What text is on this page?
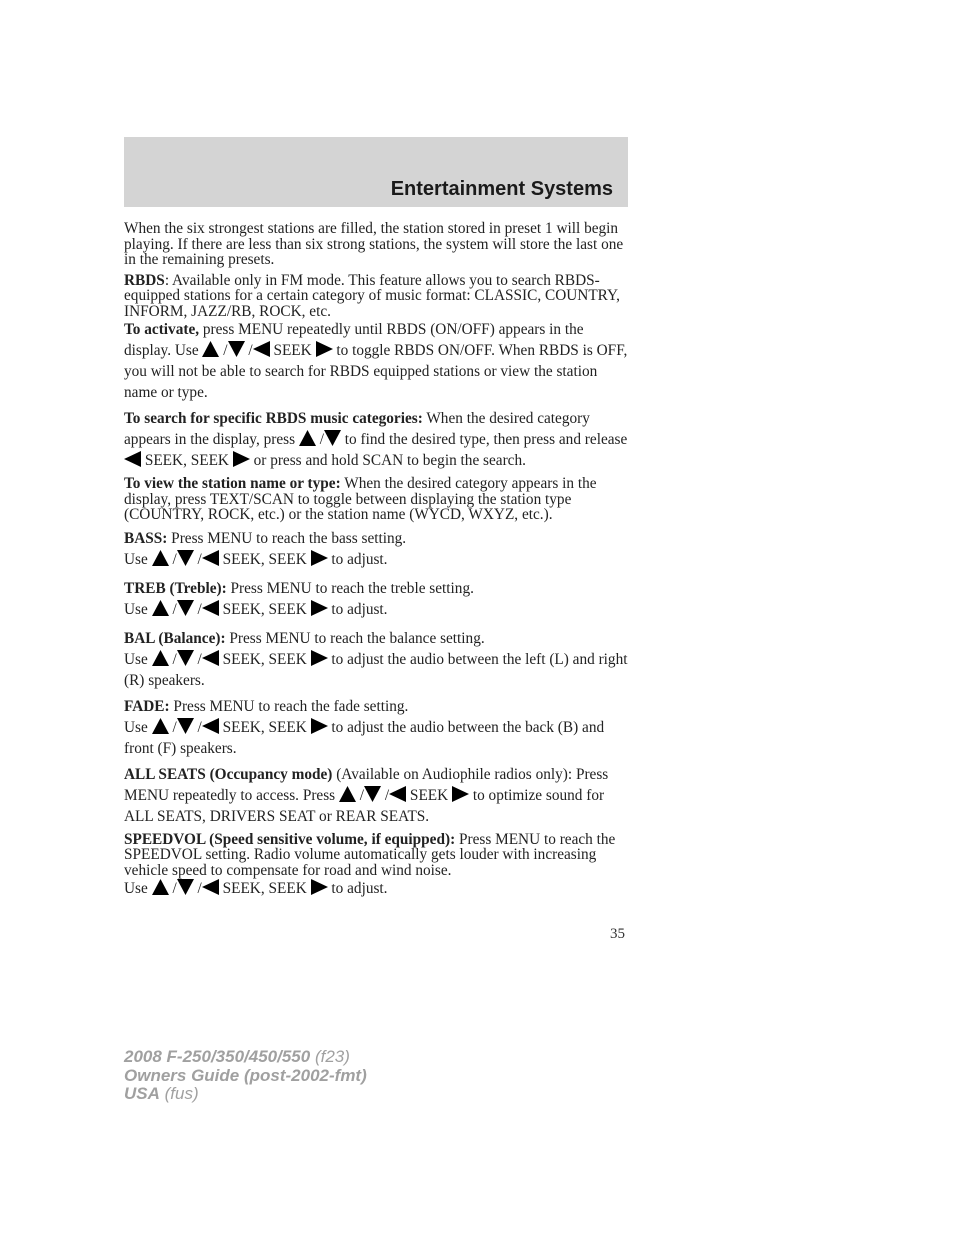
Entertainment Systems

When the six strongest stations are filled, the station stored in preset 1 will begin playing. If there are less than six strong stations, the system will store the last one in the remaining presets.

RBDS: Available only in FM mode. This feature allows you to search RBDS-equipped stations for a certain category of music format: CLASSIC, COUNTRY, INFORM, JAZZ/RB, ROCK, etc.

To activate, press MENU repeatedly until RBDS (ON/OFF) appears in the display. Use
/
/
SEEK
to toggle RBDS ON/OFF. When RBDS is OFF, you will not be able to search for RBDS equipped stations or view the station name or type.

To search for specific RBDS music categories: When the desired category appears in the display, press
/
to find the desired type, then press and release
SEEK, SEEK
or press and hold SCAN to begin the search.

To view the station name or type: When the desired category appears in the display, press TEXT/SCAN to toggle between displaying the station type (COUNTRY, ROCK, etc.) or the station name (WYCD, WXYZ, etc.).

BASS: Press MENU to reach the bass setting.
Use
/
/
SEEK, SEEK
to adjust.

TREB (Treble): Press MENU to reach the treble setting.
Use
/
/
SEEK, SEEK
to adjust.

BAL (Balance): Press MENU to reach the balance setting.
Use
/
/
SEEK, SEEK
to adjust the audio between the left (L) and right (R) speakers.

FADE: Press MENU to reach the fade setting.
Use
/
/
SEEK, SEEK
to adjust the audio between the back (B) and front (F) speakers.

ALL SEATS (Occupancy mode) (Available on Audiophile radios only): Press MENU repeatedly to access. Press
/
/
SEEK
to optimize sound for ALL SEATS, DRIVERS SEAT or REAR SEATS.

SPEEDVOL (Speed sensitive volume, if equipped): Press MENU to reach the SPEEDVOL setting. Radio volume automatically gets louder with increasing vehicle speed to compensate for road and wind noise.

Use
/
/
SEEK, SEEK
to adjust.

35
2008 F-250/350/450/550 (f23)
Owners Guide (post-2002-fmt)
USA (fus)
